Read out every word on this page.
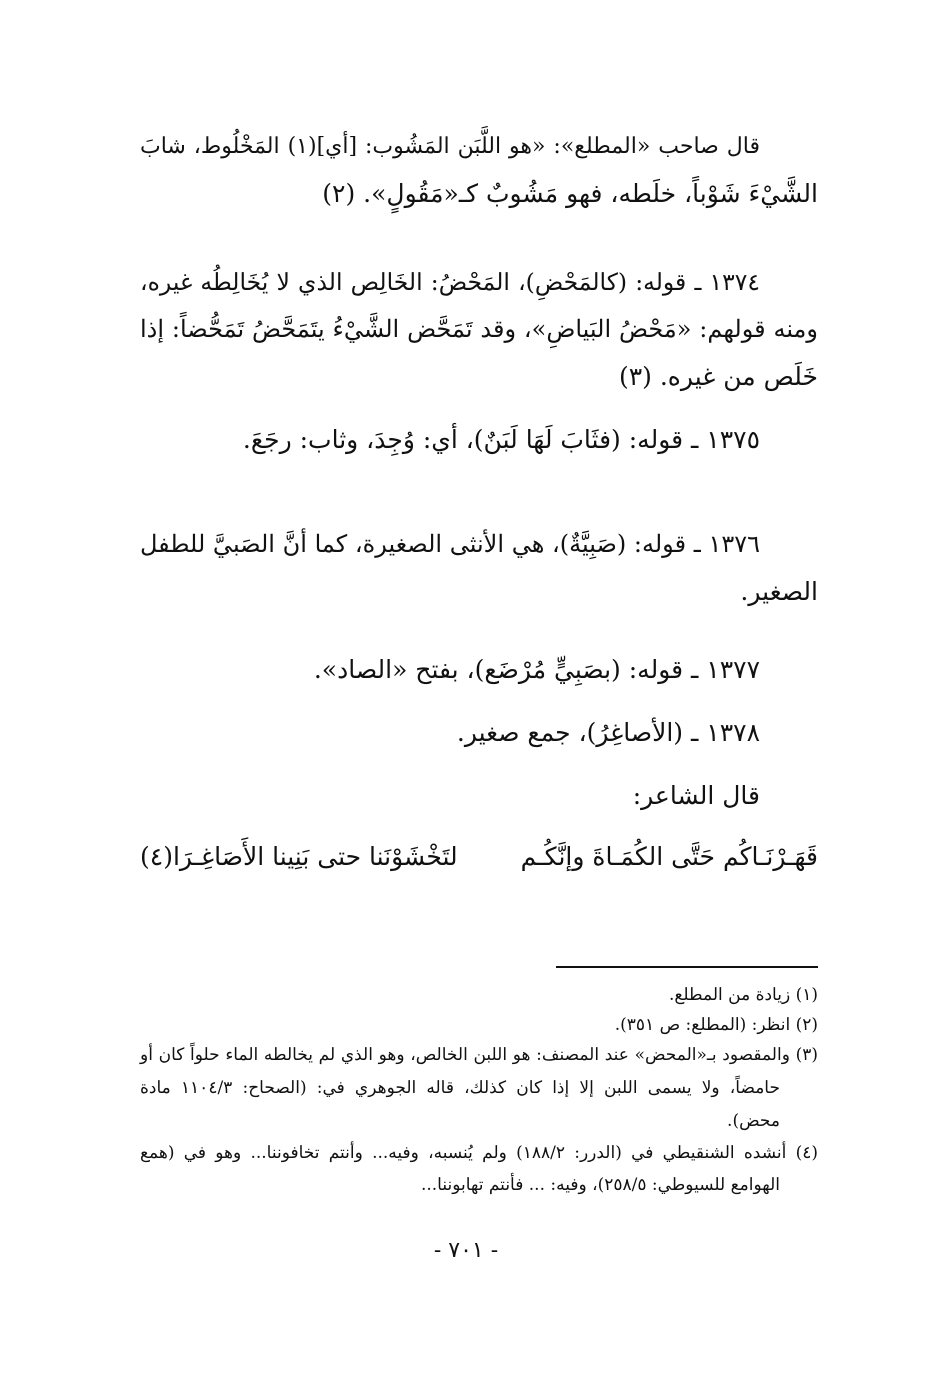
قال صاحب «المطلع»: «هو اللَّبَن المَشُوب: [أي](١) المَخْلُوط، شابَ
الشَّيْءَ شَوْباً، خلَطه، فهو مَشُوبٌ كـ«مَقُولٍ». (٢)
١٣٧٤ ـ قوله: (كالمَحْضِ)، المَحْضُ: الخَالِص الذي لا يُخَالِطُه غيره،
ومنه قولهم: «مَحْضُ البَياضِ»، وقد تَمَحَّض الشَّيْءُ يتَمَحَّضُ تَمَحُّضاً: إذا
خَلَص من غيره. (٣)
١٣٧٥ ـ قوله: (فثَابَ لَهَا لَبَنٌ)، أي: وُجِدَ، وثاب: رجَعَ.
١٣٧٦ ـ قوله: (صَبِيَّةٌ)، هي الأنثى الصغيرة، كما أنَّ الصَبيَّ للطفل
الصغير.
١٣٧٧ ـ قوله: (بصَبِيٍّ مُرْضَع)، بفتح «الصاد».
١٣٧٨ ـ (الأصاغِرُ)، جمع صغير.
قال الشاعر:
قَهَـرْنَـاكُم حَتَّى الكُمَـاةَ وإنَّكُـم
لتَخْشَوْنَنا حتى بَنِينا الأَصَاغِـرَا(٤)
(١) زيادة من المطلع.
(٢) انظر: (المطلع: ص ٣٥١).
(٣) والمقصود بـ«المحض» عند المصنف: هو اللبن الخالص، وهو الذي لم يخالطه الماء حلواً كان أو
حامضاً، ولا يسمى اللبن إلا إذا كان كذلك، قاله الجوهري في: (الصحاح: ١١٠٤/٣ مادة
محض).
(٤) أنشده الشنقيطي في (الدرر: ١٨٨/٢) ولم يُنسبه، وفيه... وأنتم تخافوننا... وهو في (همع
الهوامع للسيوطي: ٢٥٨/٥)، وفيه: ... فأنتم تهابوننا...
- ٧٠١ -
